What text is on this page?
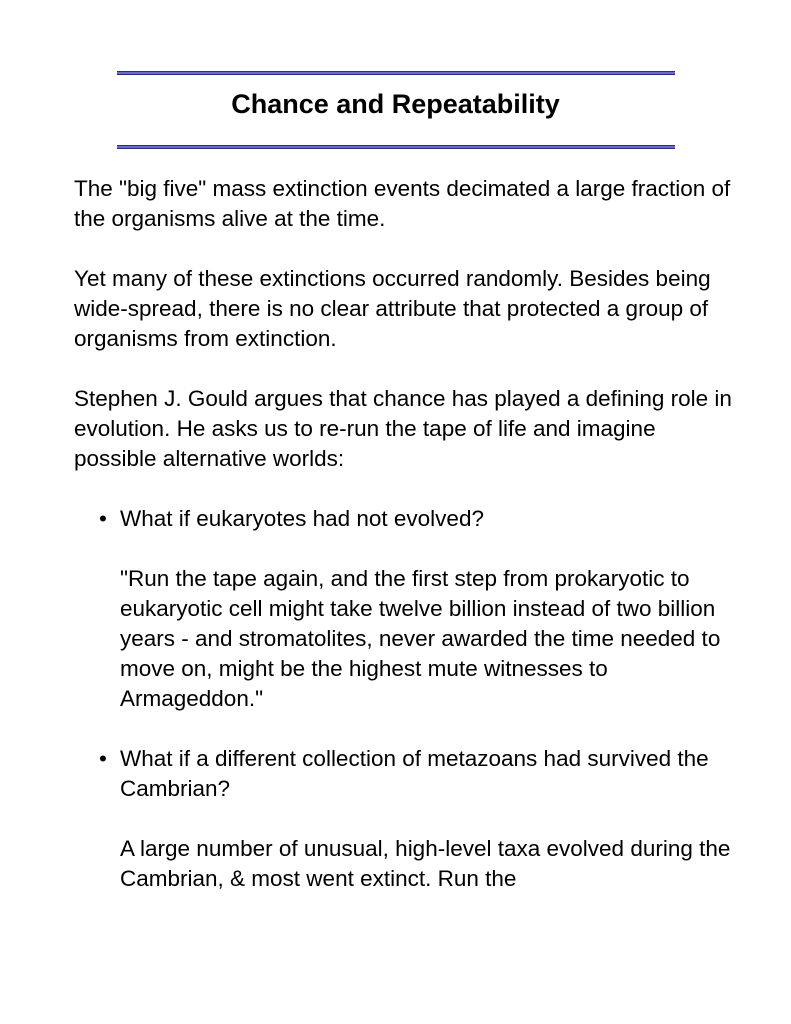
Chance and Repeatability

The "big five" mass extinction events decimated a large fraction of the organisms alive at the time.

Yet many of these extinctions occurred randomly. Besides being wide-spread, there is no clear attribute that protected a group of organisms from extinction.

Stephen J. Gould argues that chance has played a defining role in evolution. He asks us to re-run the tape of life and imagine possible alternative worlds:

• What if eukaryotes had not evolved?

"Run the tape again, and the first step from prokaryotic to eukaryotic cell might take twelve billion instead of two billion years - and stromatolites, never awarded the time needed to move on, might be the highest mute witnesses to Armageddon."

• What if a different collection of metazoans had survived the Cambrian?

A large number of unusual, high-level taxa evolved during the Cambrian, & most went extinct. Run the
